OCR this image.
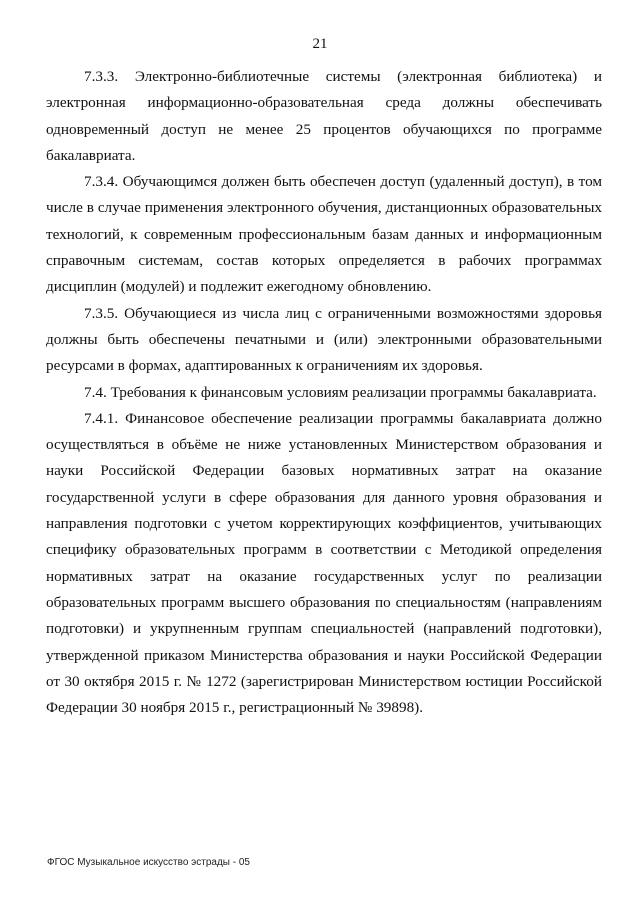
21

7.3.3. Электронно-библиотечные системы (электронная библиотека) и электронная информационно-образовательная среда должны обеспечивать одновременный доступ не менее 25 процентов обучающихся по программе бакалавриата.

7.3.4. Обучающимся должен быть обеспечен доступ (удаленный доступ), в том числе в случае применения электронного обучения, дистанционных образовательных технологий, к современным профессиональным базам данных и информационным справочным системам, состав которых определяется в рабочих программах дисциплин (модулей) и подлежит ежегодному обновлению.

7.3.5. Обучающиеся из числа лиц с ограниченными возможностями здоровья должны быть обеспечены печатными и (или) электронными образовательными ресурсами в формах, адаптированных к ограничениям их здоровья.

7.4. Требования к финансовым условиям реализации программы бакалавриата.

7.4.1. Финансовое обеспечение реализации программы бакалавриата должно осуществляться в объёме не ниже установленных Министерством образования и науки Российской Федерации базовых нормативных затрат на оказание государственной услуги в сфере образования для данного уровня образования и направления подготовки с учетом корректирующих коэффициентов, учитывающих специфику образовательных программ в соответствии с Методикой определения нормативных затрат на оказание государственных услуг по реализации образовательных программ высшего образования по специальностям (направлениям подготовки) и укрупненным группам специальностей (направлений подготовки), утвержденной приказом Министерства образования и науки Российской Федерации от 30 октября 2015 г. № 1272 (зарегистрирован Министерством юстиции Российской Федерации 30 ноября 2015 г., регистрационный № 39898).

ФГОС Музыкальное искусство эстрады - 05
